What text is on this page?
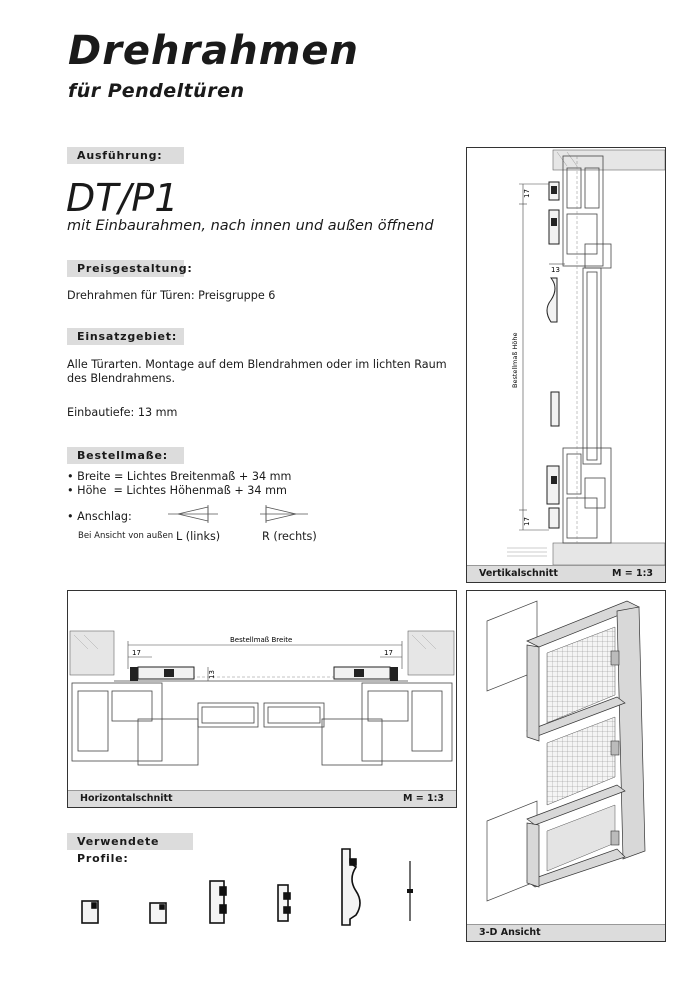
Drehrahmen
für Pendeltüren
Ausführung:
DT/P1
mit Einbaurahmen, nach innen und außen öffnend
Preisgestaltung:
Drehrahmen für Türen: Preisgruppe 6
Einsatzgebiet:
Alle Türarten. Montage auf dem Blendrahmen oder im lichten Raum
des Blendrahmens.
Einbautiefe: 13 mm
Bestellmaße:
• Breite = Lichtes Breitenmaß + 34 mm
• Höhe  = Lichtes Höhenmaß + 34 mm
• Anschlag:
Bei Ansicht von außen L (links)	R (rechts)
17
13
17
Bestellmaß Höhe
Vertikalschnitt	M = 1:3
Bestellmaß Breite
17	17
13
Horizontalschnitt	M = 1:3
3-D Ansicht
Verwendete Profile:
